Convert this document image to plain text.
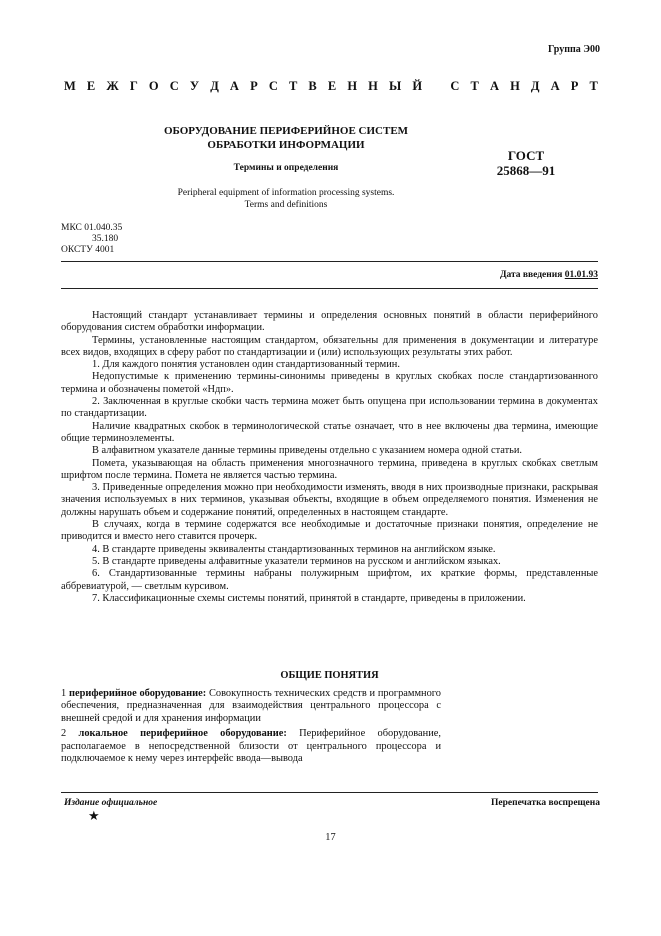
Группа Э00
М Е Ж Г О С У Д А Р С Т В Е Н Н Ы Й С Т А Н Д А Р Т
ОБОРУДОВАНИЕ ПЕРИФЕРИЙНОЕ СИСТЕМ
ОБРАБОТКИ ИНФОРМАЦИИ
Термины и определения
Peripheral equipment of information processing systems.
Terms and definitions
ГОСТ
25868—91
МКС 01.040.35
35.180
ОКСТУ 4001
Дата введения 01.01.93

Настоящий стандарт устанавливает термины и определения основных понятий в области периферийного оборудования систем обработки информации.

Термины, установленные настоящим стандартом, обязательны для применения в документации и литературе всех видов, входящих в сферу работ по стандартизации и (или) использующих результаты этих работ.

1. Для каждого понятия установлен один стандартизованный термин.

Недопустимые к применению термины-синонимы приведены в круглых скобках после стандартизованного термина и обозначены пометой «Ндп».

2. Заключенная в круглые скобки часть термина может быть опущена при использовании термина в документах по стандартизации.

Наличие квадратных скобок в терминологической статье означает, что в нее включены два термина, имеющие общие терминоэлементы.

В алфавитном указателе данные термины приведены отдельно с указанием номера одной статьи.

Помета, указывающая на область применения многозначного термина, приведена в круглых скобках светлым шрифтом после термина. Помета не является частью термина.

3. Приведенные определения можно при необходимости изменять, вводя в них производные признаки, раскрывая значения используемых в них терминов, указывая объекты, входящие в объем определяемого понятия. Изменения не должны нарушать объем и содержание понятий, определенных в настоящем стандарте.

В случаях, когда в термине содержатся все необходимые и достаточные признаки понятия, определение не приводится и вместо него ставится прочерк.

4. В стандарте приведены эквиваленты стандартизованных терминов на английском языке.

5. В стандарте приведены алфавитные указатели терминов на русском и английском языках.

6. Стандартизованные термины набраны полужирным шрифтом, их краткие формы, представленные аббревиатурой, — светлым курсивом.

7. Классификационные схемы системы понятий, принятой в стандарте, приведены в приложении.

ОБЩИЕ ПОНЯТИЯ

1 периферийное оборудование: Совокупность технических средств и программного обеспечения, предназначенная для взаимодействия центрального процессора с внешней средой и для хранения информации

2 локальное периферийное оборудование: Периферийное оборудование, располагаемое в непосредственной близости от центрального процессора и подключаемое к нему через интерфейс ввода—вывода

Издание официальное
★
Перепечатка воспрещена
17
